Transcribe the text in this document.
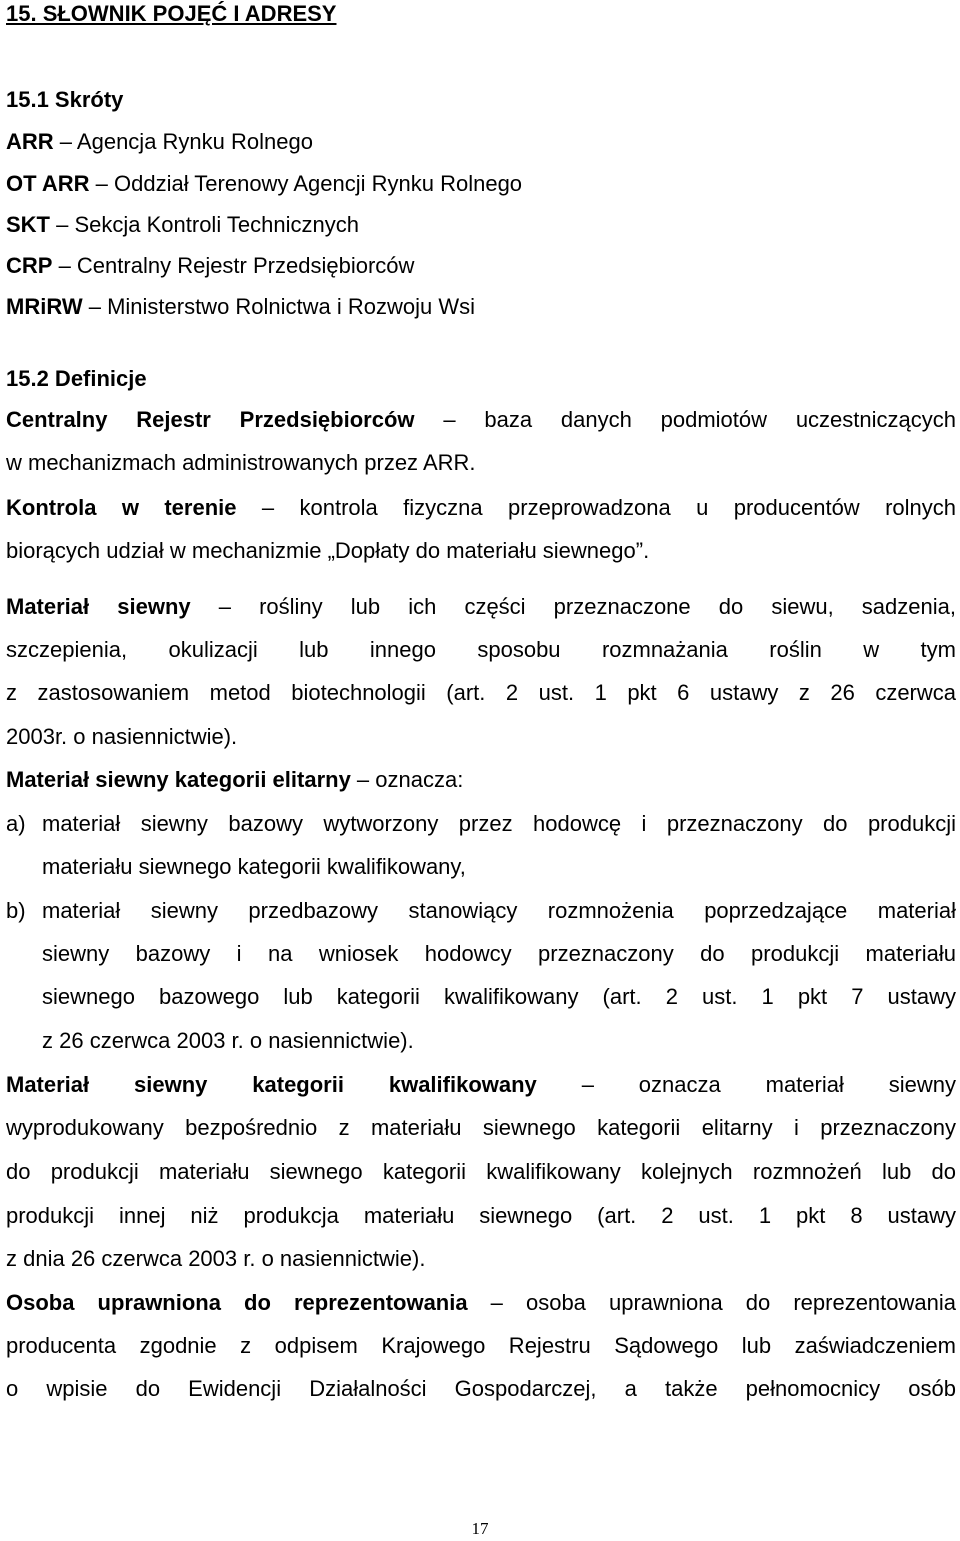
15. SŁOWNIK POJĘĆ I ADRESY
15.1 Skróty
ARR – Agencja Rynku Rolnego
OT ARR – Oddział Terenowy Agencji Rynku Rolnego
SKT – Sekcja Kontroli Technicznych
CRP – Centralny Rejestr Przedsiębiorców
MRiRW – Ministerstwo Rolnictwa i Rozwoju Wsi
15.2 Definicje
Centralny Rejestr Przedsiębiorców – baza danych podmiotów uczestniczących
w mechanizmach administrowanych przez ARR.
Kontrola w terenie – kontrola fizyczna przeprowadzona u producentów rolnych
biorących udział w mechanizmie „Dopłaty do materiału siewnego”.
Materiał siewny – rośliny lub ich części przeznaczone do siewu, sadzenia,
szczepienia, okulizacji lub innego sposobu rozmnażania roślin w tym
z zastosowaniem metod biotechnologii (art. 2 ust. 1 pkt 6 ustawy z 26 czerwca
2003r. o nasiennictwie).
Materiał siewny kategorii elitarny – oznacza:
a) materiał siewny bazowy wytworzony przez hodowcę i przeznaczony do produkcji
materiału siewnego kategorii kwalifikowany,
b) materiał siewny przedbazowy stanowiący rozmnożenia poprzedzające materiał
siewny bazowy i na wniosek hodowcy przeznaczony do produkcji materiału
siewnego bazowego lub kategorii kwalifikowany (art. 2 ust. 1 pkt 7 ustawy
z 26 czerwca 2003 r. o nasiennictwie).
Materiał siewny kategorii kwalifikowany – oznacza materiał siewny
wyprodukowany bezpośrednio z materiału siewnego kategorii elitarny i przeznaczony
do produkcji materiału siewnego kategorii kwalifikowany kolejnych rozmnożeń lub do
produkcji innej niż produkcja materiału siewnego (art. 2 ust. 1 pkt 8 ustawy
z dnia 26 czerwca 2003 r. o nasiennictwie).
Osoba uprawniona do reprezentowania – osoba uprawniona do reprezentowania
producenta zgodnie z odpisem Krajowego Rejestru Sądowego lub zaświadczeniem
o wpisie do Ewidencji Działalności Gospodarczej, a także pełnomocnicy osób
17
